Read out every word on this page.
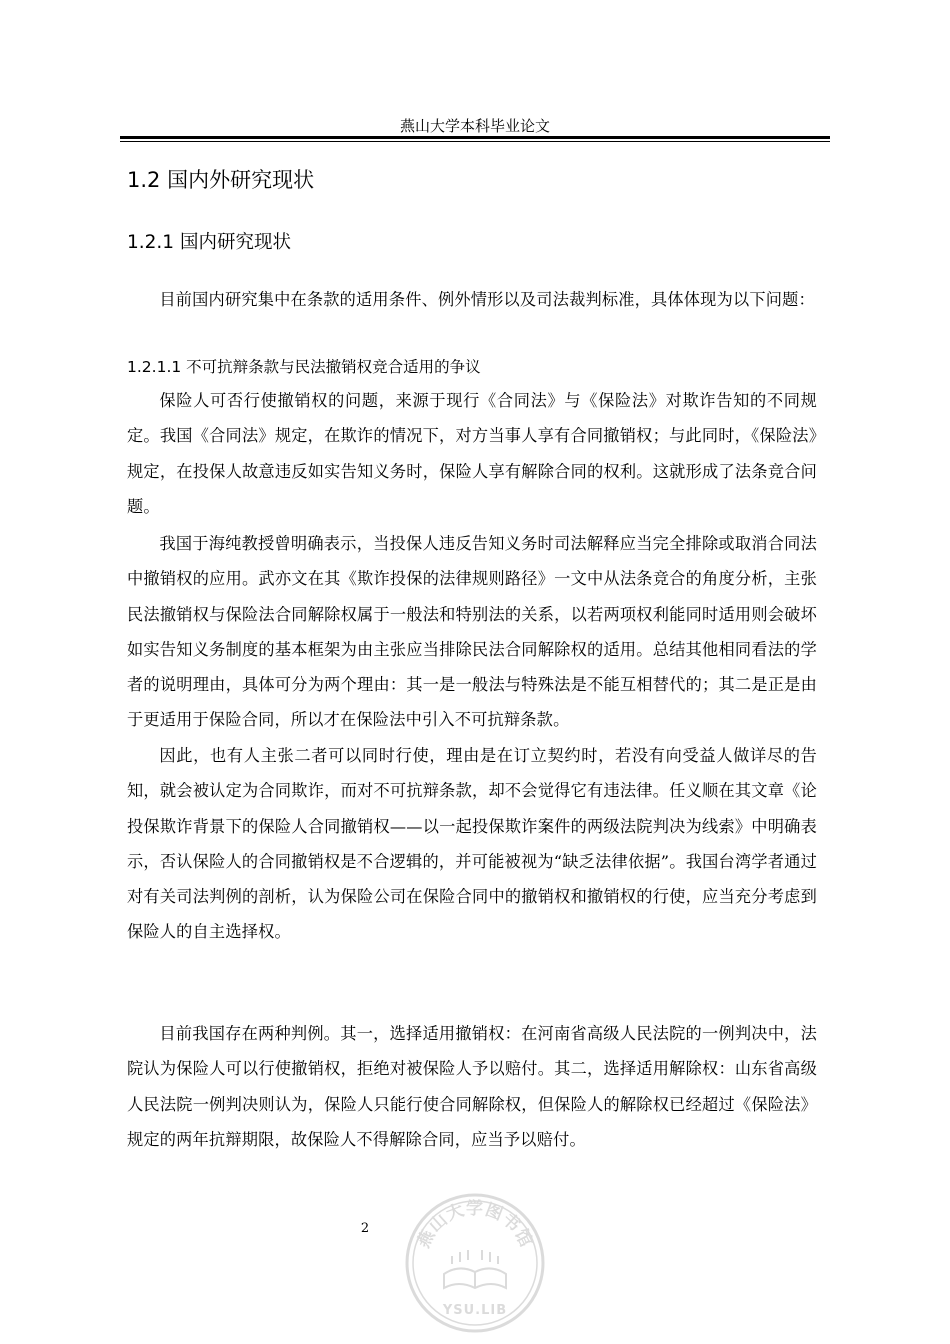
燕山大学本科毕业论文
1.2 国内外研究现状
1.2.1 国内研究现状

目前国内研究集中在条款的适用条件、例外情形以及司法裁判标准，具体体现为以下问题：

1.2.1.1 不可抗辩条款与民法撤销权竞合适用的争议

保险人可否行使撤销权的问题，来源于现行《合同法》与《保险法》对欺诈告知的不同规定。我国《合同法》规定，在欺诈的情况下，对方当事人享有合同撤销权；与此同时，《保险法》规定，在投保人故意违反如实告知义务时，保险人享有解除合同的权利。这就形成了法条竞合问题。

我国于海纯教授曾明确表示，当投保人违反告知义务时司法解释应当完全排除或取消合同法中撤销权的应用。武亦文在其《欺诈投保的法律规则路径》一文中从法条竞合的角度分析，主张民法撤销权与保险法合同解除权属于一般法和特别法的关系，以若两项权利能同时适用则会破坏如实告知义务制度的基本框架为由主张应当排除民法合同解除权的适用。总结其他相同看法的学者的说明理由，具体可分为两个理由：其一是一般法与特殊法是不能互相替代的；其二是正是由于更适用于保险合同，所以才在保险法中引入不可抗辩条款。

因此，也有人主张二者可以同时行使，理由是在订立契约时，若没有向受益人做详尽的告知，就会被认定为合同欺诈，而对不可抗辩条款，却不会觉得它有违法律。任义顺在其文章《论投保欺诈背景下的保险人合同撤销权——以一起投保欺诈案件的两级法院判决为线索》中明确表示，否认保险人的合同撤销权是不合逻辑的，并可能被视为“缺乏法律依据”。我国台湾学者通过对有关司法判例的剖析，认为保险公司在保险合同中的撤销权和撤销权的行使，应当充分考虑到保险人的自主选择权。

目前我国存在两种判例。其一，选择适用撤销权：在河南省高级人民法院的一例判决中，法院认为保险人可以行使撤销权，拒绝对被保险人予以赔付。其二，选择适用解除权：山东省高级人民法院一例判决则认为，保险人只能行使合同解除权，但保险人的解除权已经超过《保险法》规定的两年抗辩期限，故保险人不得解除合同，应当予以赔付。

2	燕山大学图书馆
YSU.LIB
